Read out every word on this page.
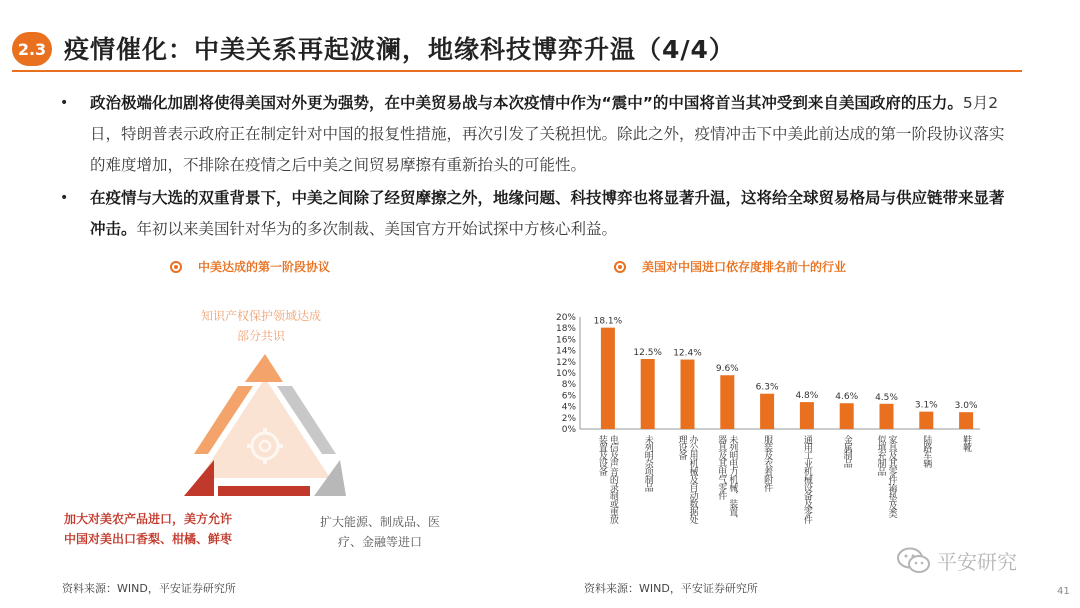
2.3 疫情催化：中美关系再起波澜，地缘科技博弈升温（4/4）
• 政治极端化加剧将使得美国对外更为强势，在中美贸易战与本次疫情中作为“震中”的中国将首当其冲受到来自美国政府的压力。5月2日，特朗普表示政府正在制定针对中国的报复性措施，再次引发了关税担忧。除此之外，疫情冲击下中美此前达成的第一阶段协议落实的难度增加，不排除在疫情之后中美之间贸易摩擦有重新抬头的可能性。
• 在疫情与大选的双重背景下，中美之间除了经贸摩擦之外，地缘问题、科技博弈也将显著升温，这将给全球贸易格局与供应链带来显著冲击。年初以来美国针对华为的多次制裁、美国官方开始试探中方核心利益。
中美达成的第一阶段协议	美国对中国进口依存度排名前十的行业
知识产权保护领域达成
部分共识
加大对美农产品进口，美方允许
中国对美出口香梨、柑橘、鲜枣
扩大能源、制成品、医
疗、金融等进口
0%
2%
4%
6%
8%
10%
12%
14%
16%
18%
20% 18.1%
电信及声音的录制或重放
装置及设备
12.5%
未列明杂项制品
12.4%
办公用机械及自动数据处
理设备
9.6%
未列明电力机械、装置、
器具及其电气零件
6.3%
服装及衣着附件
4.8%
通用工业机械设备及零件
4.6%
金属制品
4.5%
家具及其零件;褥垫及类
似填充制品
3.1%
陆路车辆
3.0%
鞋靴
资料来源：WIND，平安证券研究所	资料来源：WIND，平安证券研究所
平安研究
41
